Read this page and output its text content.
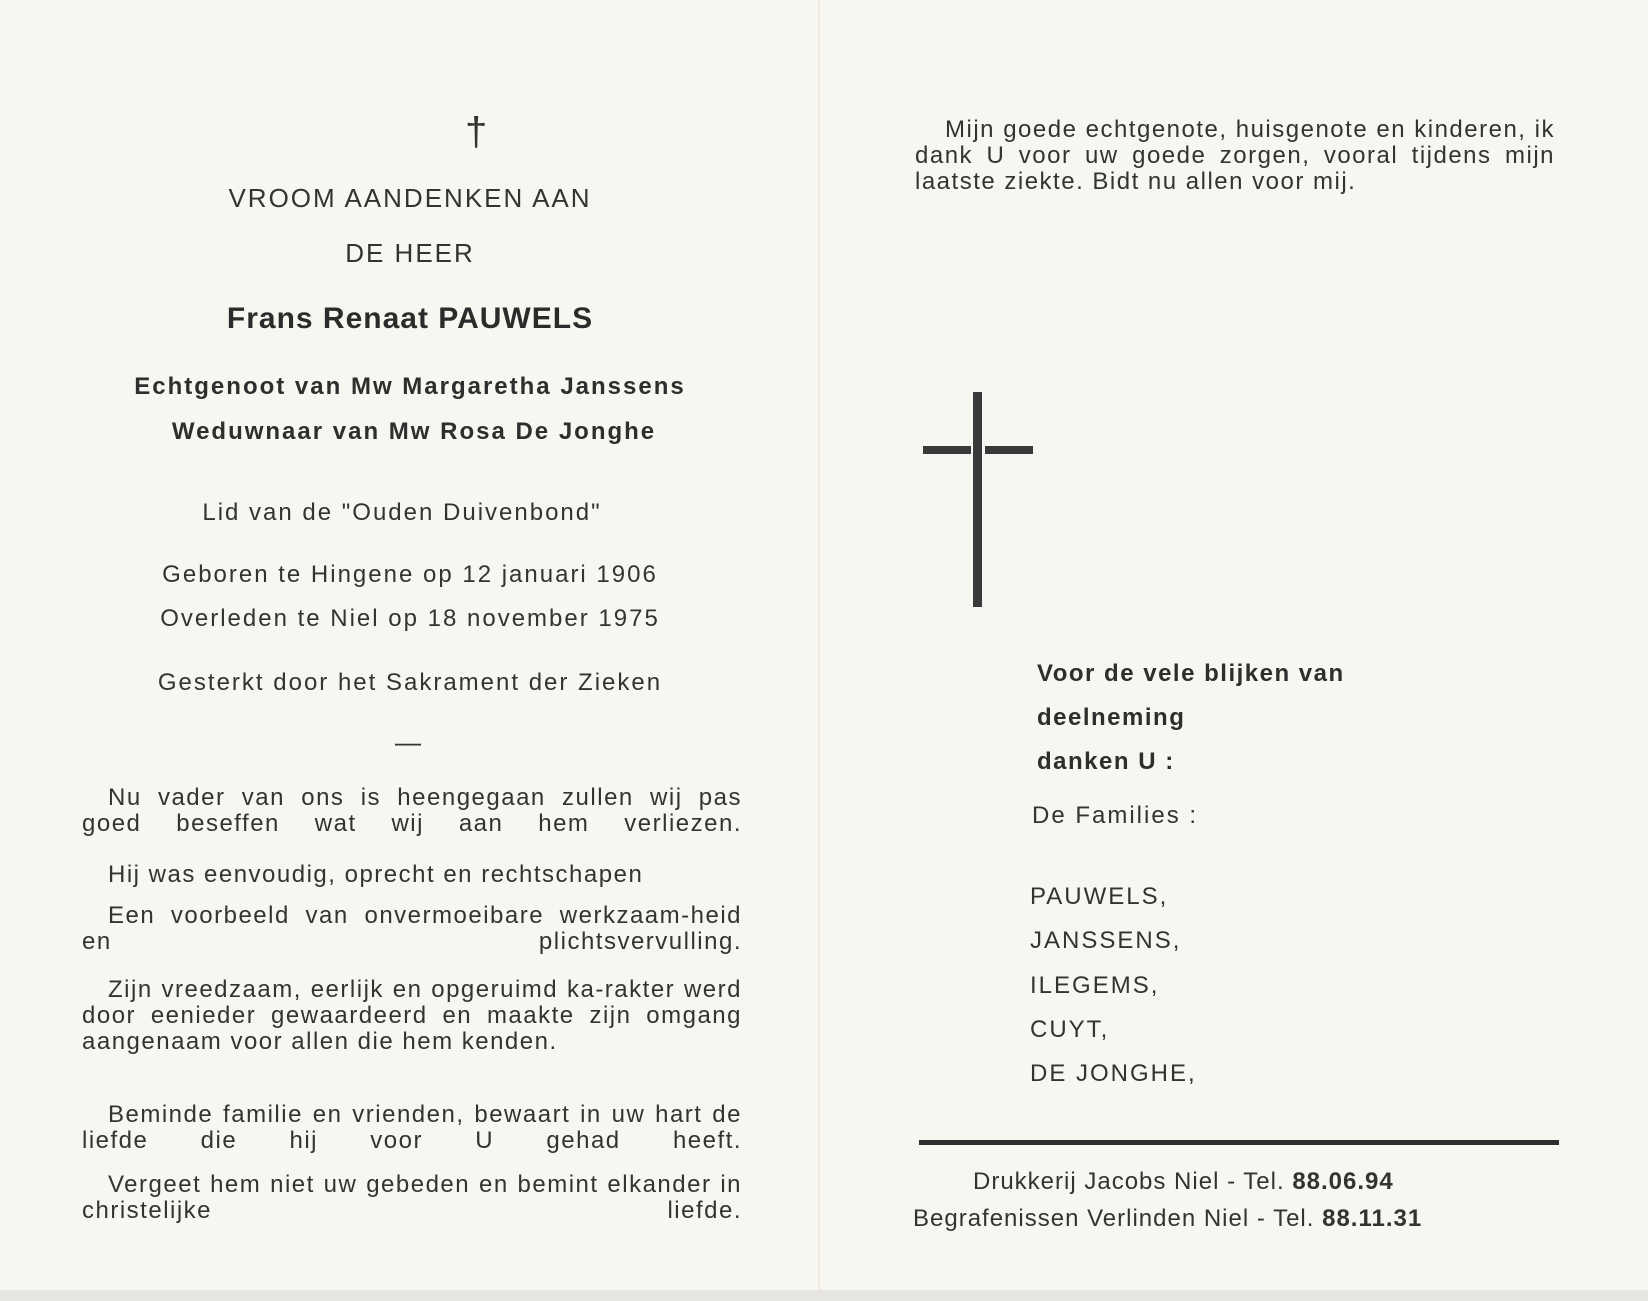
†
VROOM AANDENKEN AAN
DE HEER
Frans Renaat PAUWELS
Echtgenoot van Mw Margaretha Janssens
Weduwnaar van Mw Rosa De Jonghe
Lid van de "Ouden Duivenbond"
Geboren te Hingene op 12 januari 1906
Overleden te Niel op 18 november 1975
Gesterkt door het Sakrament der Zieken
—
Nu vader van ons is heengegaan zullen wij pas goed beseffen wat wij aan hem verliezen.
Hij was eenvoudig, oprecht en rechtschapen
Een voorbeeld van onvermoeibare werkzaam-heid en plichtsvervulling.
Zijn vreedzaam, eerlijk en opgeruimd ka-rakter werd door eenieder gewaardeerd en maakte zijn omgang aangenaam voor allen die hem kenden.
Beminde familie en vrienden, bewaart in uw hart de liefde die hij voor U gehad heeft.
Vergeet hem niet uw gebeden en bemint elkander in christelijke liefde.
Mijn goede echtgenote, huisgenote en kinderen, ik dank U voor uw goede zorgen, vooral tijdens mijn laatste ziekte. Bidt nu allen voor mij.
Voor de vele blijken van
deelneming
danken U :
De Families :
PAUWELS,
JANSSENS,
ILEGEMS,
CUYT,
DE JONGHE,
Drukkerij Jacobs Niel - Tel. 88.06.94
Begrafenissen Verlinden Niel - Tel. 88.11.31
